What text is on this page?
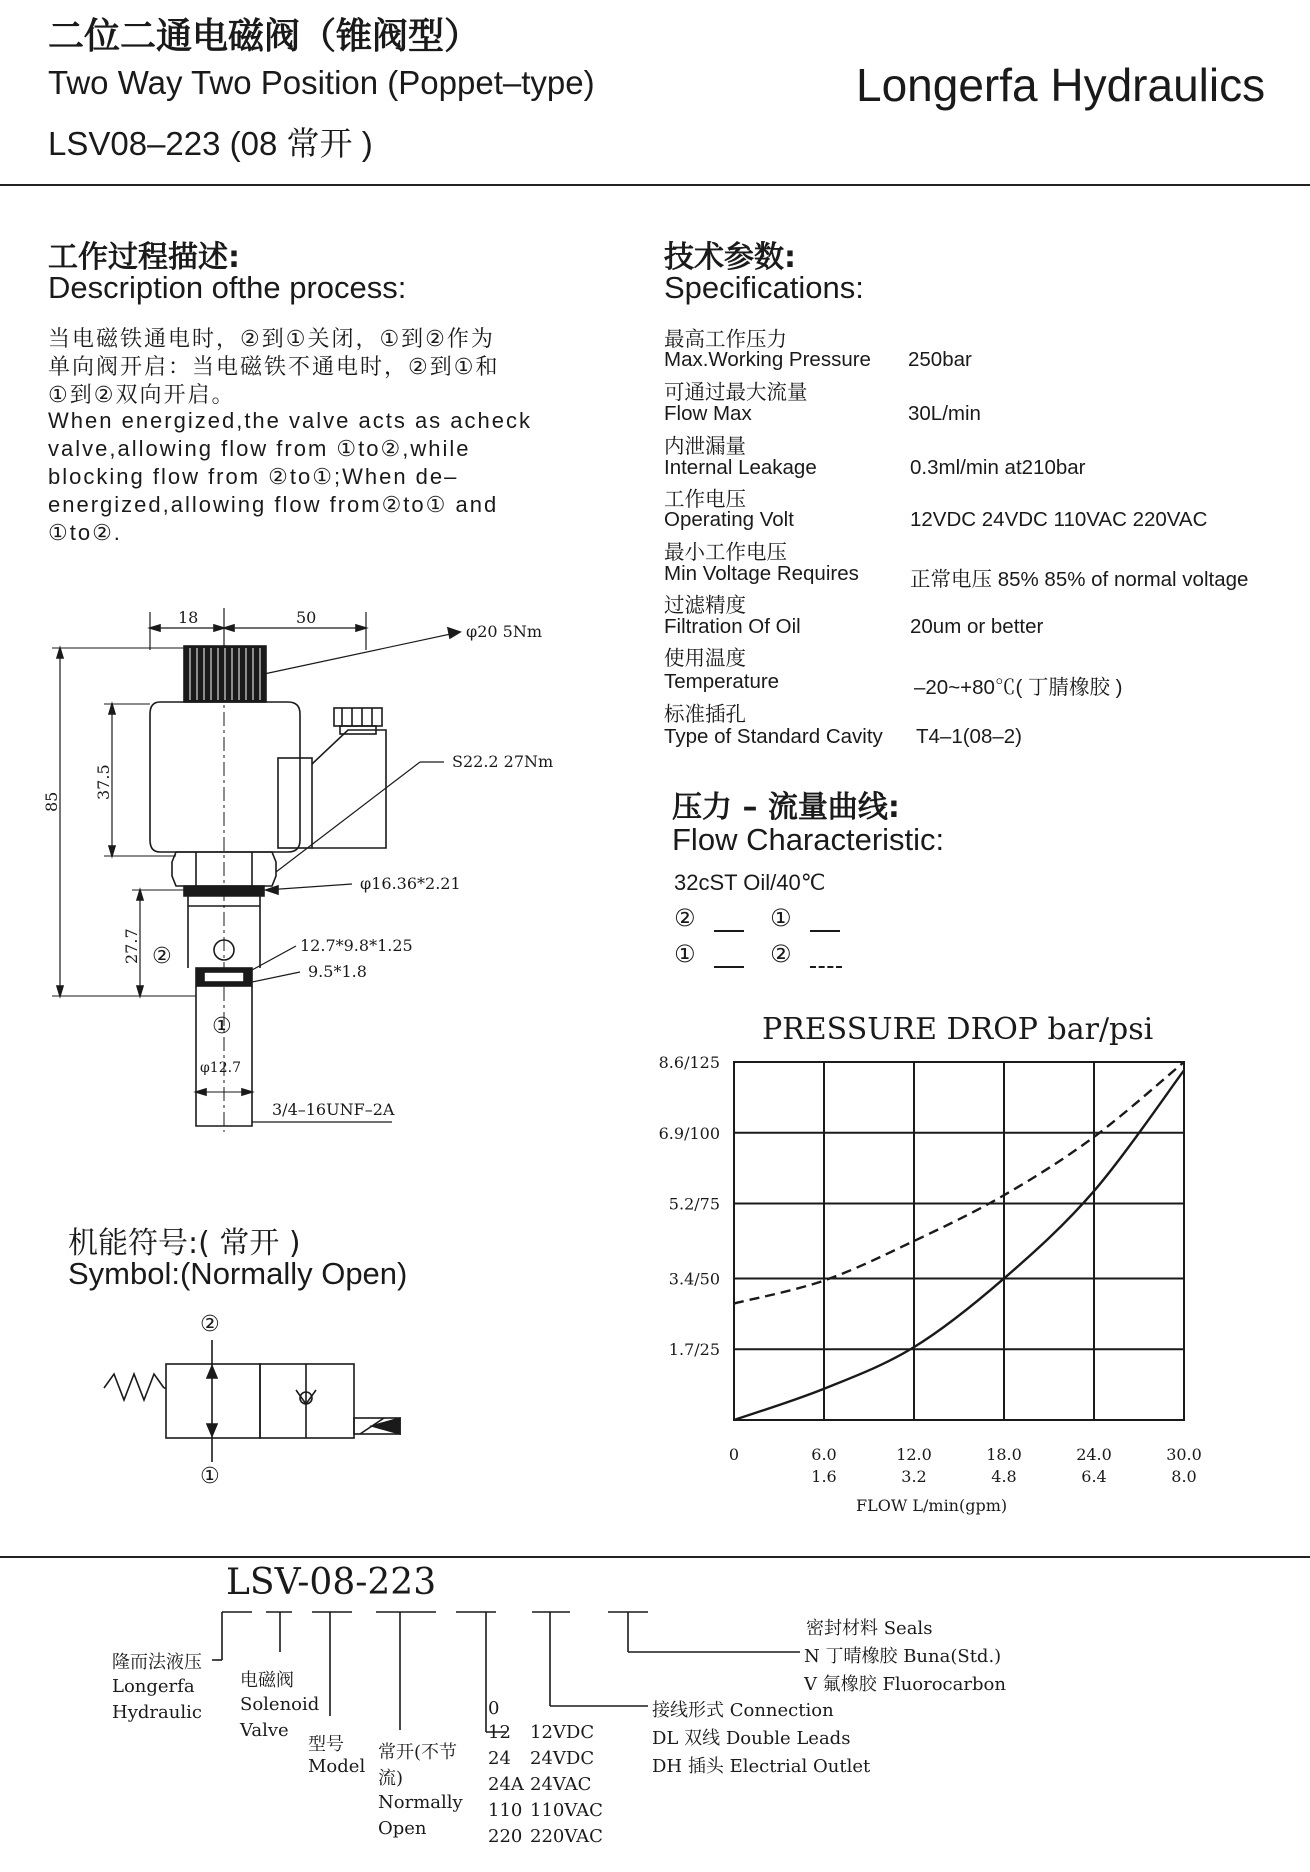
二位二通电磁阀（锥阀型）
Two Way Two Position (Poppet–type)
LSV08–223 (08 常开 )
Longerfa Hydraulics
工作过程描述:
Description ofthe process:
当电磁铁通电时，②到①关闭，①到②作为
单向阀开启：当电磁铁不通电时，②到①和
①到②双向开启。
When energized,the valve acts as acheck
valve,allowing flow from ①to②,while
blocking flow from ②to①;When de–
energized,allowing flow from②to① and
①to②.
技术参数:
Specifications:
最高工作压力
Max.Working Pressure 250bar
可通过最大流量
Flow Max	30L/min
内泄漏量
Internal Leakage	0.3ml/min at210bar
工作电压
Operating Volt	12VDC 24VDC 110VAC 220VAC
最小工作电压
Min Voltage Requires 正常电压 85% 85% of normal voltage
过滤精度
Filtration Of Oil	20um or better
使用温度
Temperature	–20~+80℃( 丁腈橡胶 )
标准插孔
Type of Standard Cavity T4–1(08–2)
18	50
85
37.5
27.7
φ20 5Nm
S22.2 27Nm
φ16.36*2.21
12.7*9.8*1.25
9.5*1.8
φ12.7
3/4–16UNF–2A
②
①
压力 – 流量曲线:
Flow Characteristic:
32cST Oil/40℃
②	①
①	②
PRESSURE DROP bar/psi
1.7/25
3.4/50
5.2/75
6.9/100
8.6/125
0	6.0
1.6
12.0
3.2
18.0
4.8
24.0
6.4
30.0
8.0
FLOW L/min(gpm)
机能符号:( 常开 )
Symbol:(Normally Open)
②
①
LSV-08-223
隆而法液压
Longerfa
Hydraulic
电磁阀
Solenoid
Valve
型号
Model
常开(不节
流)
Normally
Open
0
12 12VDC
24 24VDC
24A 24VAC
110 110VAC
220 220VAC
接线形式 Connection
DL 双线 Double Leads
DH 插头 Electrial Outlet
密封材料 Seals
N 丁晴橡胶 Buna(Std.)
V 氟橡胶 Fluorocarbon
